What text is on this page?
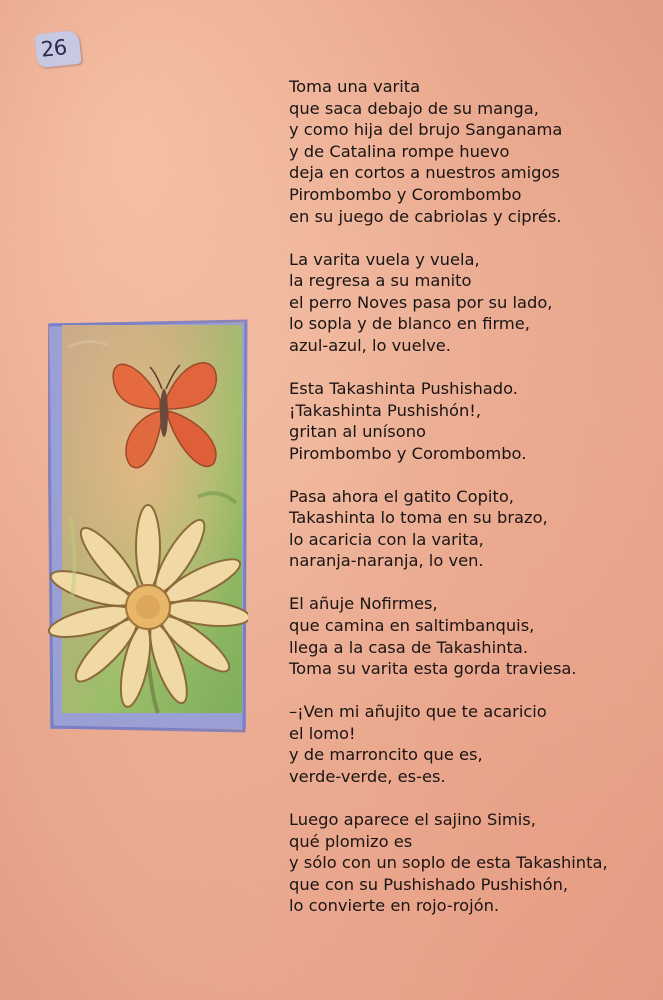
26
Toma una varita
que saca debajo de su manga,
y como hija del brujo Sanganama
y de Catalina rompe huevo
deja en cortos a nuestros amigos
Pirombombo y Corombombo
en su juego de cabriolas y ciprés.
La varita vuela y vuela,
la regresa a su manito
el perro Noves pasa por su lado,
lo sopla y de blanco en firme,
azul-azul, lo vuelve.
Esta Takashinta Pushishado.
¡Takashinta Pushishón!,
gritan al unísono
Pirombombo y Corombombo.
Pasa ahora el gatito Copito,
Takashinta lo toma en su brazo,
lo acaricia con la varita,
naranja-naranja, lo ven.
El añuje Nofirmes,
que camina en saltimbanquis,
llega a la casa de Takashinta.
Toma su varita esta gorda traviesa.
–¡Ven mi añujito que te acaricio
el lomo!
y de marroncito que es,
verde-verde, es-es.
Luego aparece el sajino Simis,
qué plomizo es
y sólo con un soplo de esta Takashinta,
que con su Pushishado Pushishón,
lo convierte en rojo-rojón.
